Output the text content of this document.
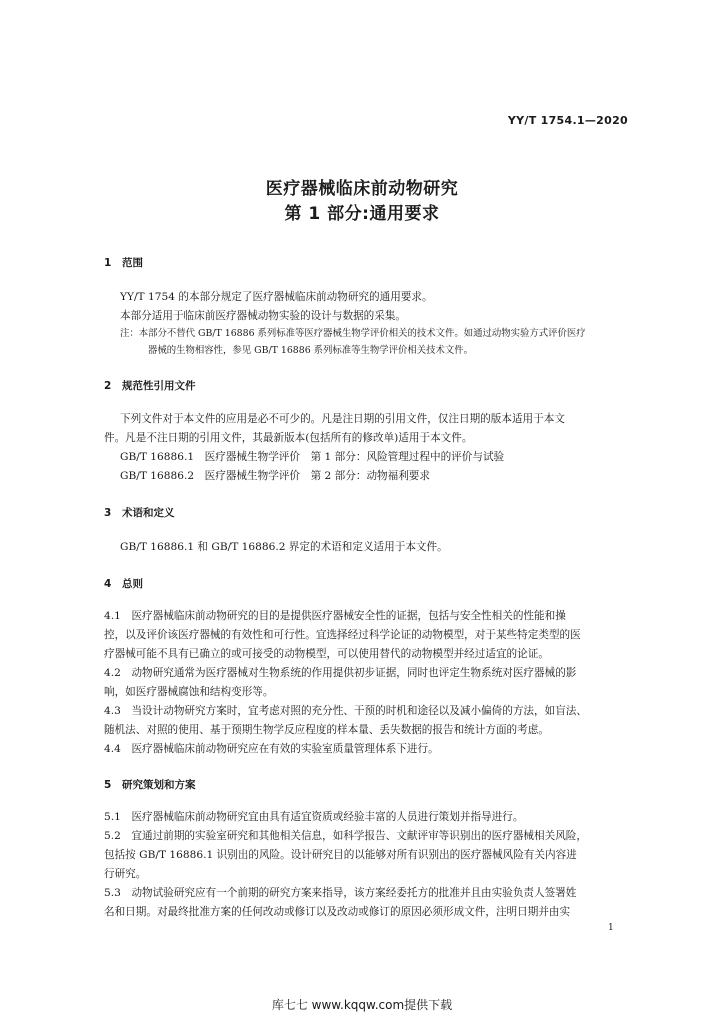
YY/T 1754.1—2020
医疗器械临床前动物研究
第 1 部分:通用要求
1 范围
YY/T 1754 的本部分规定了医疗器械临床前动物研究的通用要求。
本部分适用于临床前医疗器械动物实验的设计与数据的采集。
注：本部分不替代 GB/T 16886 系列标准等医疗器械生物学评价相关的技术文件。如通过动物实验方式评价医疗
器械的生物相容性，参见 GB/T 16886 系列标准等生物学评价相关技术文件。
2 规范性引用文件
下列文件对于本文件的应用是必不可少的。凡是注日期的引用文件，仅注日期的版本适用于本文
件。凡是不注日期的引用文件，其最新版本(包括所有的修改单)适用于本文件。
GB/T 16886.1　医疗器械生物学评价　第 1 部分：风险管理过程中的评价与试验
GB/T 16886.2　医疗器械生物学评价　第 2 部分：动物福利要求
3 术语和定义
GB/T 16886.1 和 GB/T 16886.2 界定的术语和定义适用于本文件。
4 总则
4.1　医疗器械临床前动物研究的目的是提供医疗器械安全性的证据，包括与安全性相关的性能和操
控，以及评价该医疗器械的有效性和可行性。宜选择经过科学论证的动物模型，对于某些特定类型的医
疗器械可能不具有已确立的或可接受的动物模型，可以使用替代的动物模型并经过适宜的论证。
4.2　动物研究通常为医疗器械对生物系统的作用提供初步证据，同时也评定生物系统对医疗器械的影
响，如医疗器械腐蚀和结构变形等。
4.3　当设计动物研究方案时，宜考虑对照的充分性、干预的时机和途径以及减小偏倚的方法，如盲法、
随机法、对照的使用、基于预期生物学反应程度的样本量、丢失数据的报告和统计方面的考虑。
4.4　医疗器械临床前动物研究应在有效的实验室质量管理体系下进行。
5 研究策划和方案
5.1　医疗器械临床前动物研究宜由具有适宜资质或经验丰富的人员进行策划并指导进行。
5.2　宜通过前期的实验室研究和其他相关信息，如科学报告、文献评审等识别出的医疗器械相关风险，
包括按 GB/T 16886.1 识别出的风险。设计研究目的以能够对所有识别出的医疗器械风险有关内容进
行研究。
5.3　动物试验研究应有一个前期的研究方案来指导，该方案经委托方的批准并且由实验负责人签署姓
名和日期。对最终批准方案的任何改动或修订以及改动或修订的原因必须形成文件，注明日期并由实
1
库七七 www.kqqw.com提供下载
